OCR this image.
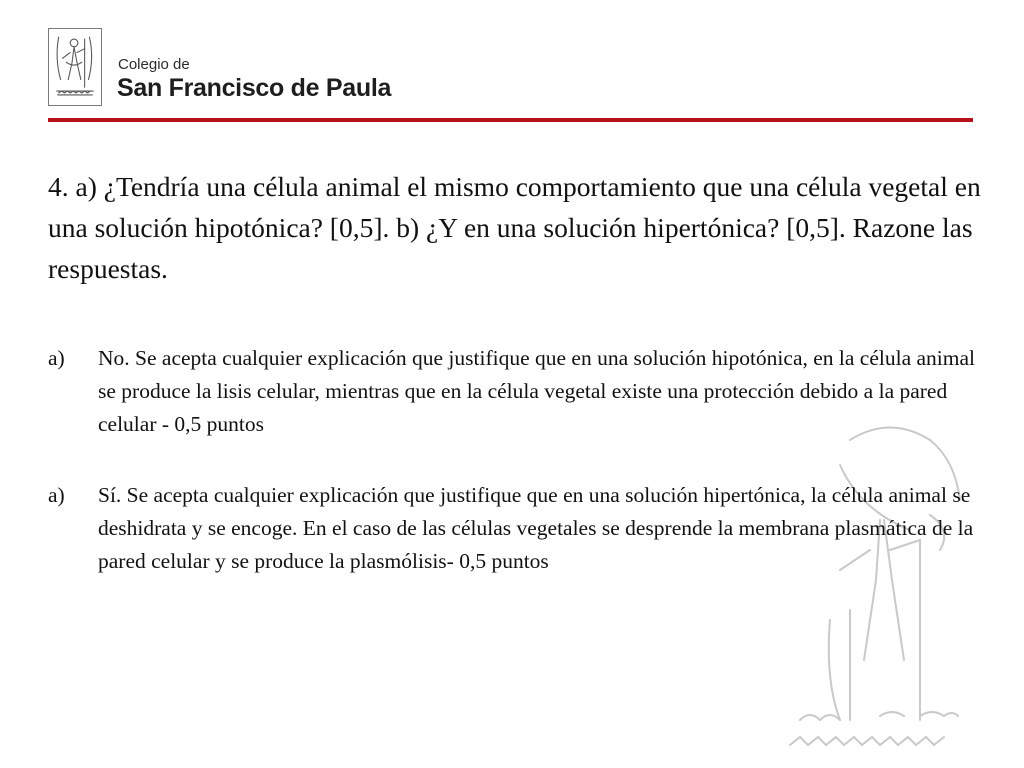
Colegio de
San Francisco de Paula
4. a) ¿Tendría una célula animal el mismo comportamiento que una célula vegetal en una solución hipotónica? [0,5]. b) ¿Y en una solución hipertónica? [0,5]. Razone las respuestas.
a) No. Se acepta cualquier explicación que justifique que en una solución hipotónica, en la célula animal se produce la lisis celular, mientras que en la célula vegetal existe una protección debido a la pared celular - 0,5 puntos
a) Sí. Se acepta cualquier explicación que justifique que en una solución hipertónica, la célula animal se deshidrata y se encoge. En el caso de las células vegetales se desprende la membrana plasmática de la pared celular y se produce la plasmólisis- 0,5 puntos
